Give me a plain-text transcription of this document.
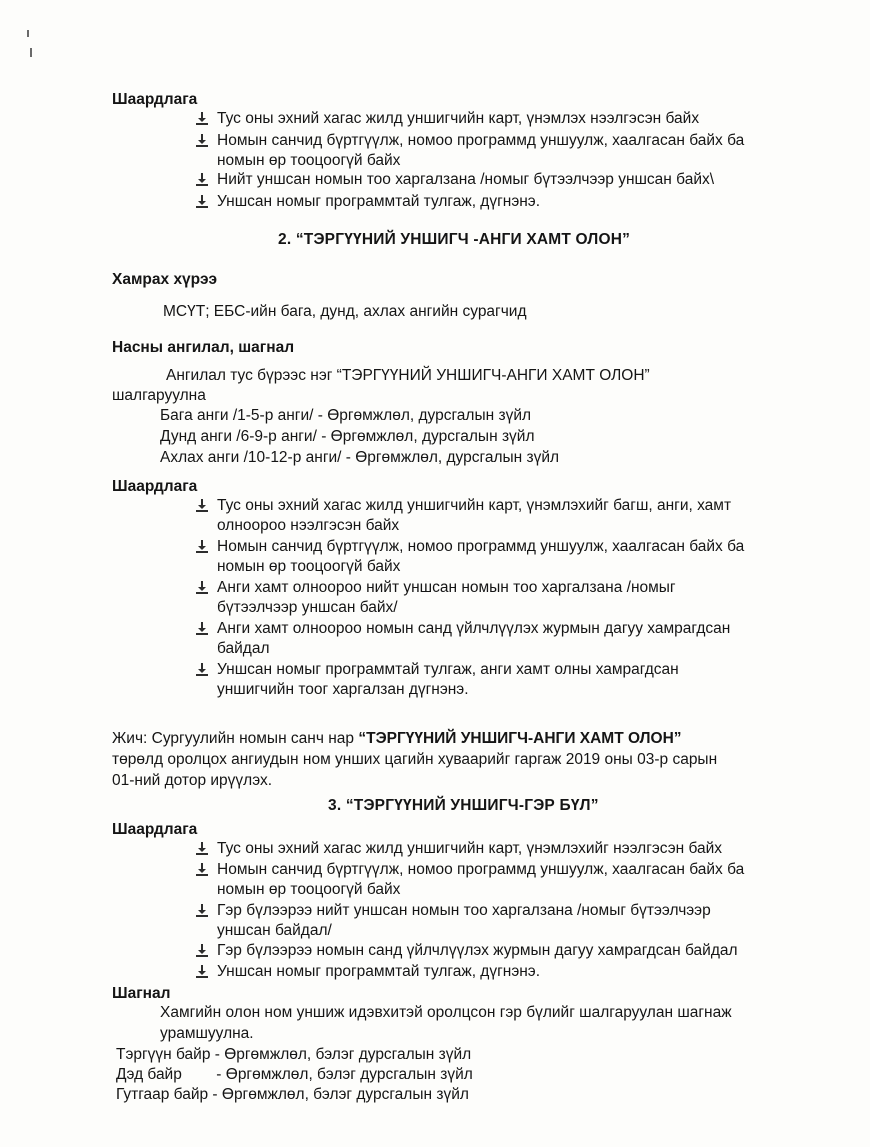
Шаардлага
Тус оны эхний хагас жилд уншигчийн карт, үнэмлэх нээлгэсэн байх
Номын санчид бүртгүүлж, номоо программд уншуулж, хаалгасан байх ба
номын өр тооцоогүй байх
Нийт уншсан номын тоо харгалзана /номыг бүтээлчээр уншсан байх\
Уншсан номыг программтай тулгаж, дүгнэнэ.
2. “ТЭРГҮҮНИЙ УНШИГЧ -АНГИ ХАМТ ОЛОН”
Хамрах хүрээ
МСҮТ; ЕБС-ийн бага, дунд, ахлах ангийн сурагчид
Насны ангилал, шагнал
Ангилал тус бүрээс нэг “ТЭРГҮҮНИЙ УНШИГЧ-АНГИ ХАМТ ОЛОН”
шалгаруулна
Бага анги /1-5-р анги/ - Өргөмжлөл, дурсгалын зүйл
Дунд анги /6-9-р анги/ - Өргөмжлөл, дурсгалын зүйл
Ахлах анги /10-12-р анги/ - Өргөмжлөл, дурсгалын зүйл
Шаардлага
Тус оны эхний хагас жилд уншигчийн карт, үнэмлэхийг багш, анги, хамт
олноороо нээлгэсэн байх
Номын санчид бүртгүүлж, номоо программд уншуулж, хаалгасан байх ба
номын өр тооцоогүй байх
Анги хамт олноороо нийт уншсан номын тоо харгалзана /номыг
бүтээлчээр уншсан байх/
Анги хамт олноороо номын санд үйлчлүүлэх журмын дагуу хамрагдсан
байдал
Уншсан номыг программтай тулгаж, анги хамт олны хамрагдсан
уншигчийн тоог харгалзан дүгнэнэ.
Жич: Сургуулийн номын санч нар “ТЭРГҮҮНИЙ УНШИГЧ-АНГИ ХАМТ ОЛОН”
төрөлд оролцох ангиудын ном унших цагийн хуваарийг гаргаж 2019 оны 03-р сарын
01-ний дотор ирүүлэх.
3. “ТЭРГҮҮНИЙ УНШИГЧ-ГЭР БҮЛ”
Шаардлага
Тус оны эхний хагас жилд уншигчийн карт, үнэмлэхийг нээлгэсэн байх
Номын санчид бүртгүүлж, номоо программд уншуулж, хаалгасан байх ба
номын өр тооцоогүй байх
Гэр бүлээрээ нийт уншсан номын тоо харгалзана /номыг бүтээлчээр
уншсан байдал/
Гэр бүлээрээ номын санд үйлчлүүлэх журмын дагуу хамрагдсан байдал
Уншсан номыг программтай тулгаж, дүгнэнэ.
Шагнал
Хамгийн олон ном уншиж идэвхитэй оролцсон гэр бүлийг шалгаруулан шагнаж
урамшуулна.
Тэргүүн байр - Өргөмжлөл, бэлэг дурсгалын зүйл
Дэд байр        - Өргөмжлөл, бэлэг дурсгалын зүйл
Гутгаар байр - Өргөмжлөл, бэлэг дурсгалын зүйл
